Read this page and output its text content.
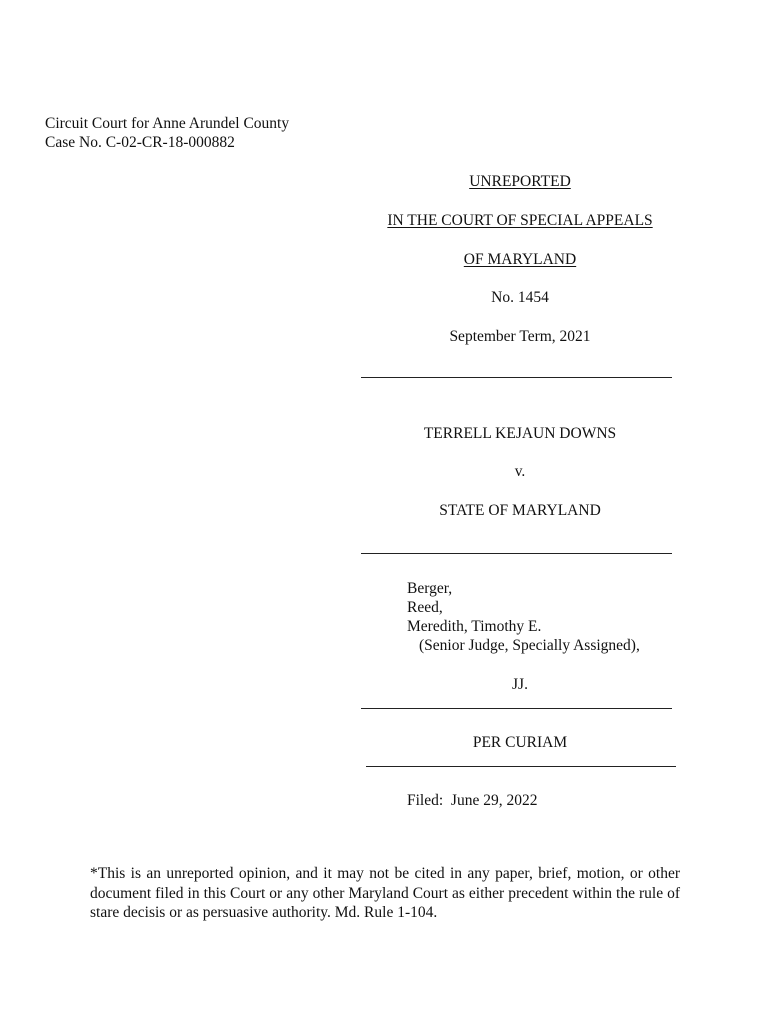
Circuit Court for Anne Arundel County
Case No. C-02-CR-18-000882
UNREPORTED
IN THE COURT OF SPECIAL APPEALS
OF MARYLAND
No. 1454
September Term, 2021
TERRELL KEJAUN DOWNS
v.
STATE OF MARYLAND
Berger,
Reed,
Meredith, Timothy E.
(Senior Judge, Specially Assigned),
JJ.
PER CURIAM
Filed:  June 29, 2022
*This is an unreported opinion, and it may not be cited in any paper, brief, motion, or other document filed in this Court or any other Maryland Court as either precedent within the rule of stare decisis or as persuasive authority. Md. Rule 1-104.
